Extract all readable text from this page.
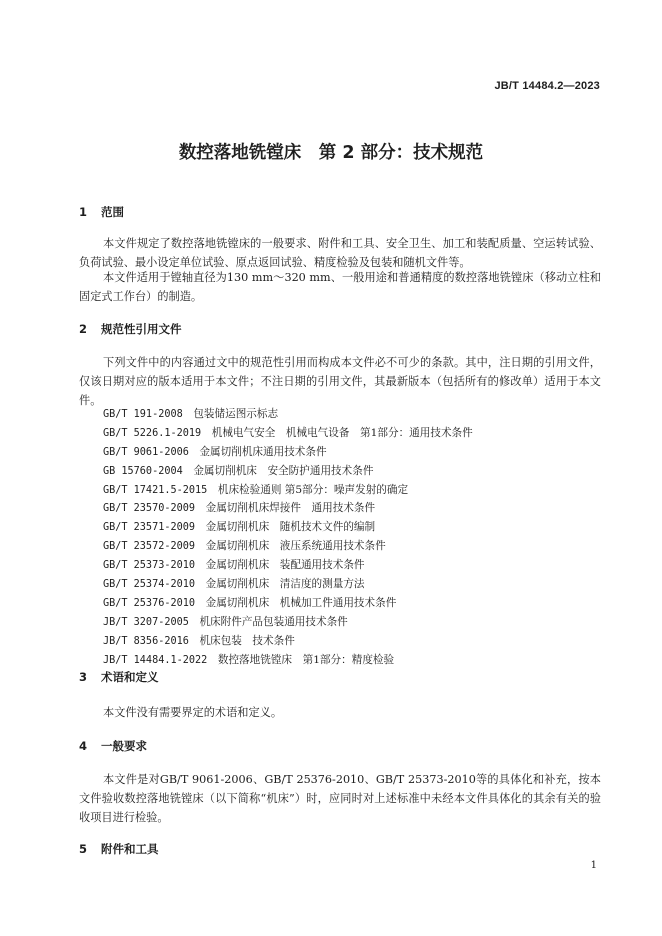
JB/T 14484.2—2023
数控落地铣镗床　第 2 部分：技术规范
1 范围

本文件规定了数控落地铣镗床的一般要求、附件和工具、安全卫生、加工和装配质量、空运转试验、负荷试验、最小设定单位试验、原点返回试验、精度检验及包装和随机文件等。

本文件适用于镗轴直径为130 mm～320 mm、一般用途和普通精度的数控落地铣镗床（移动立柱和固定式工作台）的制造。

2 规范性引用文件

下列文件中的内容通过文中的规范性引用而构成本文件必不可少的条款。其中，注日期的引用文件，仅该日期对应的版本适用于本文件；不注日期的引用文件，其最新版本（包括所有的修改单）适用于本文件。

GB/T 191-2008　包装储运图示标志
GB/T 5226.1-2019　机械电气安全　机械电气设备　第1部分：通用技术条件
GB/T 9061-2006　金属切削机床通用技术条件
GB 15760-2004　金属切削机床　安全防护通用技术条件
GB/T 17421.5-2015　机床检验通则 第5部分：噪声发射的确定
GB/T 23570-2009　金属切削机床焊接件　通用技术条件
GB/T 23571-2009　金属切削机床　随机技术文件的编制
GB/T 23572-2009　金属切削机床　液压系统通用技术条件
GB/T 25373-2010　金属切削机床　装配通用技术条件
GB/T 25374-2010　金属切削机床　清洁度的测量方法
GB/T 25376-2010　金属切削机床　机械加工件通用技术条件
JB/T 3207-2005　机床附件产品包装通用技术条件
JB/T 8356-2016　机床包装　技术条件
JB/T 14484.1-2022　数控落地铣镗床　第1部分：精度检验
3 术语和定义

本文件没有需要界定的术语和定义。

4 一般要求

本文件是对GB/T 9061-2006、GB/T 25376-2010、GB/T 25373-2010等的具体化和补充，按本文件验收数控落地铣镗床（以下简称“机床”）时，应同时对上述标准中未经本文件具体化的其余有关的验收项目进行检验。

5 附件和工具
1
